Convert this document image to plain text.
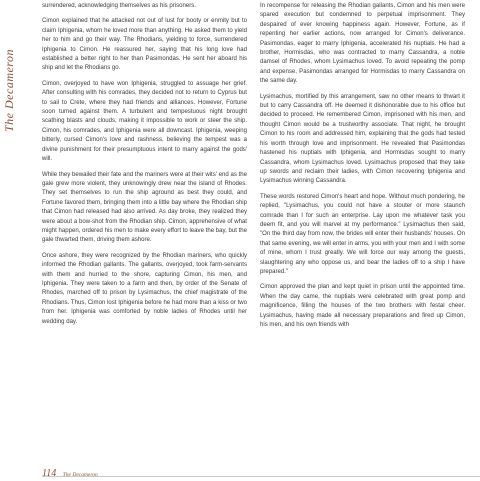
The Decameron

surrendered, acknowledging themselves as his prisoners.

Cimon explained that he attacked not out of lust for booty or enmity but to claim Iphigenia, whom he loved more than anything. He asked them to yield her to him and go their way. The Rhodians, yielding to force, surrendered Iphigenia to Cimon. He reassured her, saying that his long love had established a better right to her than Pasimondas. He sent her aboard his ship and let the Rhodians go.

Cimon, overjoyed to have won Iphigenia, struggled to assuage her grief. After consulting with his comrades, they decided not to return to Cyprus but to sail to Crete, where they had friends and alliances. However, Fortune soon turned against them. A turbulent and tempestuous night brought scathing blasts and clouds, making it impossible to work or steer the ship. Cimon, his comrades, and Iphigenia were all downcast. Iphigenia, weeping bitterly, cursed Cimon's love and rashness, believing the tempest was a divine punishment for their presumptuous intent to marry against the gods' will.

While they bewailed their fate and the mariners were at their wits' end as the gale grew more violent, they unknowingly drew near the island of Rhodes. They set themselves to run the ship aground as best they could, and Fortune favored them, bringing them into a little bay where the Rhodian ship that Cimon had released had also arrived. As day broke, they realized they were about a bow-shot from the Rhodian ship. Cimon, apprehensive of what might happen, ordered his men to make every effort to leave the bay, but the gale thwarted them, driving them ashore.

Once ashore, they were recognized by the Rhodian mariners, who quickly informed the Rhodian gallants. The gallants, overjoyed, took farm-servants with them and hurried to the shore, capturing Cimon, his men, and Iphigenia. They were taken to a farm and then, by order of the Senate of Rhodes, marched off to prison by Lysimachus, the chief magistrate of the Rhodians. Thus, Cimon lost Iphigenia before he had more than a kiss or two from her. Iphigenia was comforted by noble ladies of Rhodes until her wedding day.

In recompense for releasing the Rhodian gallants, Cimon and his men were spared execution but condemned to perpetual imprisonment. They despaired of ever knowing happiness again. However, Fortune, as if repenting her earlier actions, now arranged for Cimon's deliverance. Pasimondas, eager to marry Iphigenia, accelerated his nuptials. He had a brother, Hormisdas, who was contracted to marry Cassandra, a noble damsel of Rhodes, whom Lysimachus loved. To avoid repeating the pomp and expense, Pasimondas arranged for Hormisdas to marry Cassandra on the same day.

Lysimachus, mortified by this arrangement, saw no other means to thwart it but to carry Cassandra off. He deemed it dishonorable due to his office but decided to proceed. He remembered Cimon, imprisoned with his men, and thought Cimon would be a trustworthy associate. That night, he brought Cimon to his room and addressed him, explaining that the gods had tested his worth through love and imprisonment. He revealed that Pasimondas hastened his nuptials with Iphigenia, and Hormisdas sought to marry Cassandra, whom Lysimachus loved. Lysimachus proposed that they take up swords and reclaim their ladies, with Cimon recovering Iphigenia and Lysimachus winning Cassandra.

These words restored Cimon's heart and hope. Without much pondering, he replied, "Lysimachus, you could not have a stouter or more staunch comrade than I for such an enterprise. Lay upon me whatever task you deem fit, and you will marvel at my performance." Lysimachus then said, "On the third day from now, the brides will enter their husbands' houses. On that same evening, we will enter in arms, you with your men and I with some of mine, whom I trust greatly. We will force our way among the guests, slaughtering any who oppose us, and bear the ladies off to a ship I have prepared."

Cimon approved the plan and kept quiet in prison until the appointed time. When the day came, the nuptials were celebrated with great pomp and magnificence, filling the houses of the two brothers with festal cheer. Lysimachus, having made all necessary preparations and fired up Cimon, his men, and his own friends with

114 The Decameron
